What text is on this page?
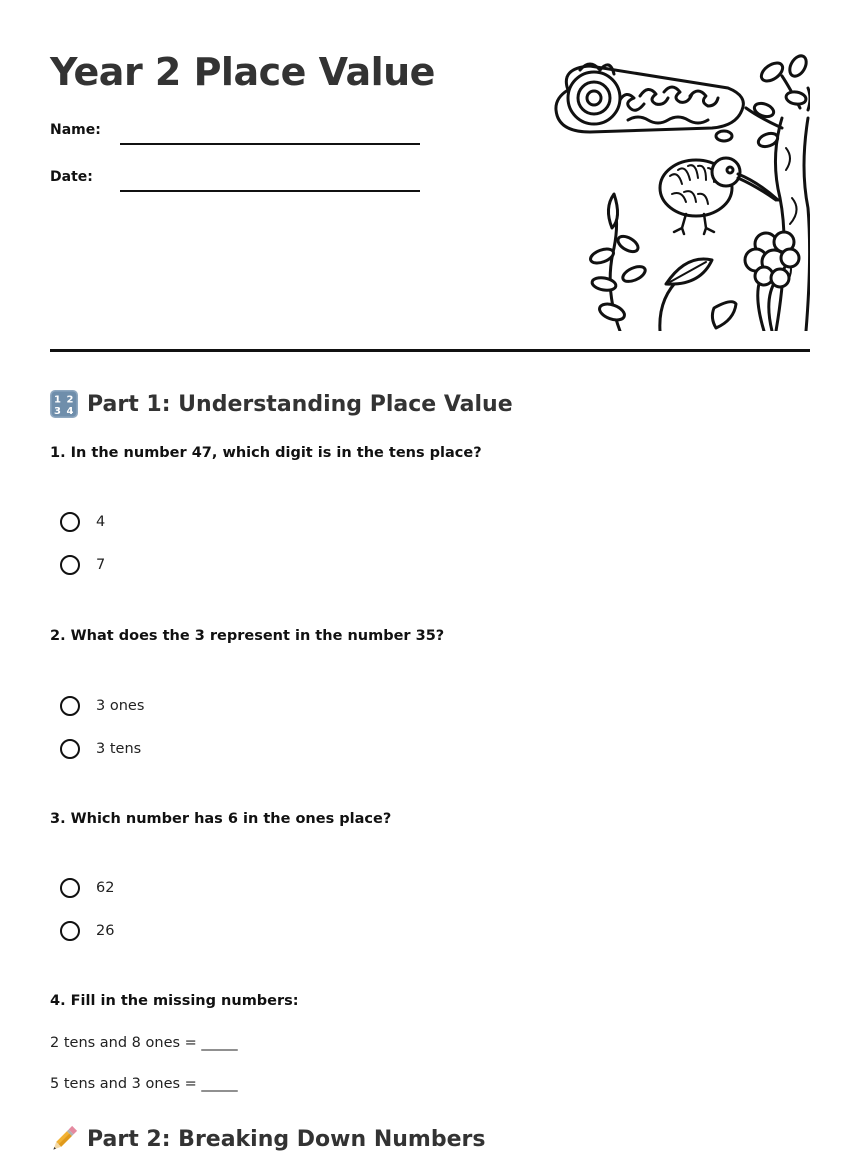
Year 2 Place Value
Name:
Date:
1 2
3 4 Part 1: Understanding Place Value
1. In the number 47, which digit is in the tens place?
4
7
2. What does the 3 represent in the number 35?
3 ones
3 tens
3. Which number has 6 in the ones place?
62
26
4. Fill in the missing numbers:
2 tens and 8 ones = _____
5 tens and 3 ones = _____
Part 2: Breaking Down Numbers
